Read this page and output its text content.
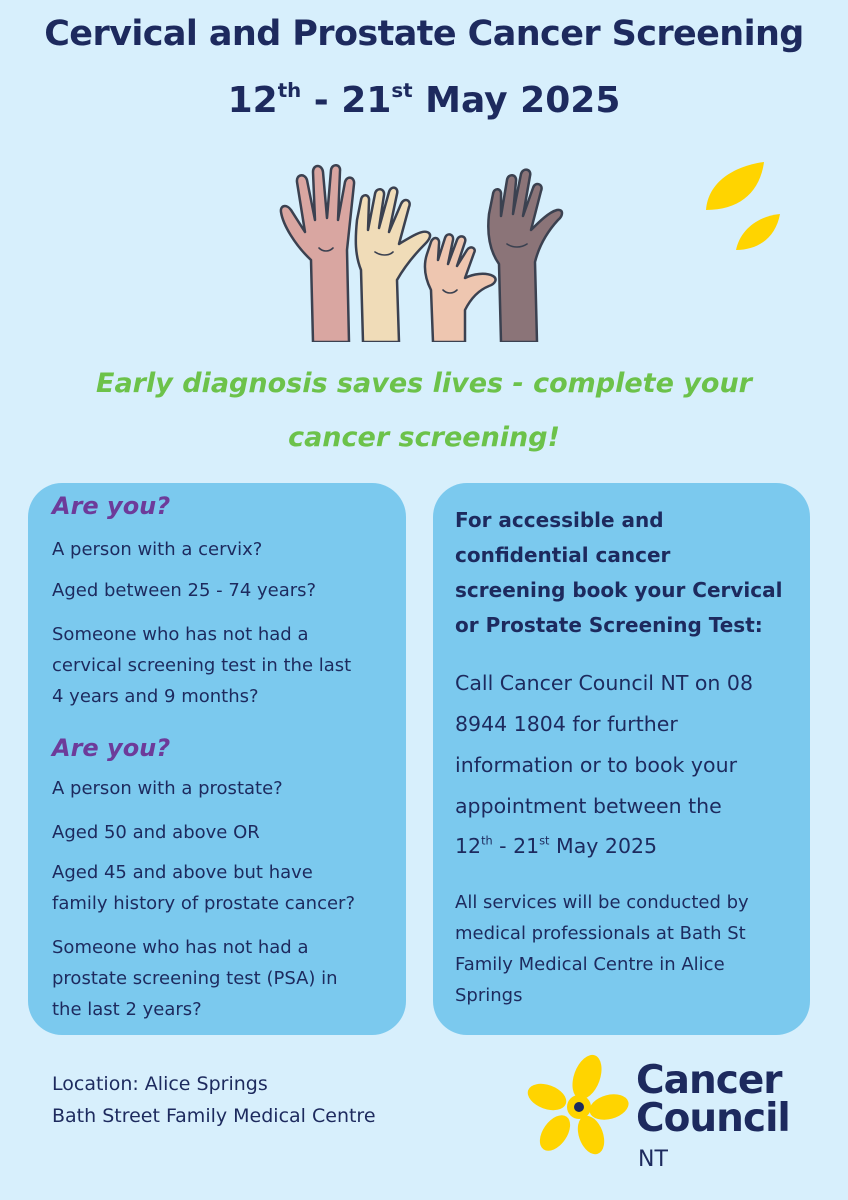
Cervical and Prostate Cancer Screening
12th - 21st May 2025

Early diagnosis saves lives - complete your

cancer screening!

Are you?

A person with a cervix?

Aged between 25 - 74 years?

Someone who has not had a

cervical screening test in the last

4 years and 9 months?

Are you?

A person with a prostate?

Aged 50 and above OR

Aged 45 and above but have

family history of prostate cancer?

Someone who has not had a

prostate screening test (PSA) in

the last 2 years?

For accessible and

confidential cancer

screening book your Cervical

or Prostate Screening Test:

Call Cancer Council NT on 08

8944 1804 for further

information or to book your

appointment between the

12th - 21st May 2025

All services will be conducted by

medical professionals at Bath St

Family Medical Centre in Alice

Springs

Location: Alice Springs

Bath Street Family Medical Centre

Cancer
Council
NT
